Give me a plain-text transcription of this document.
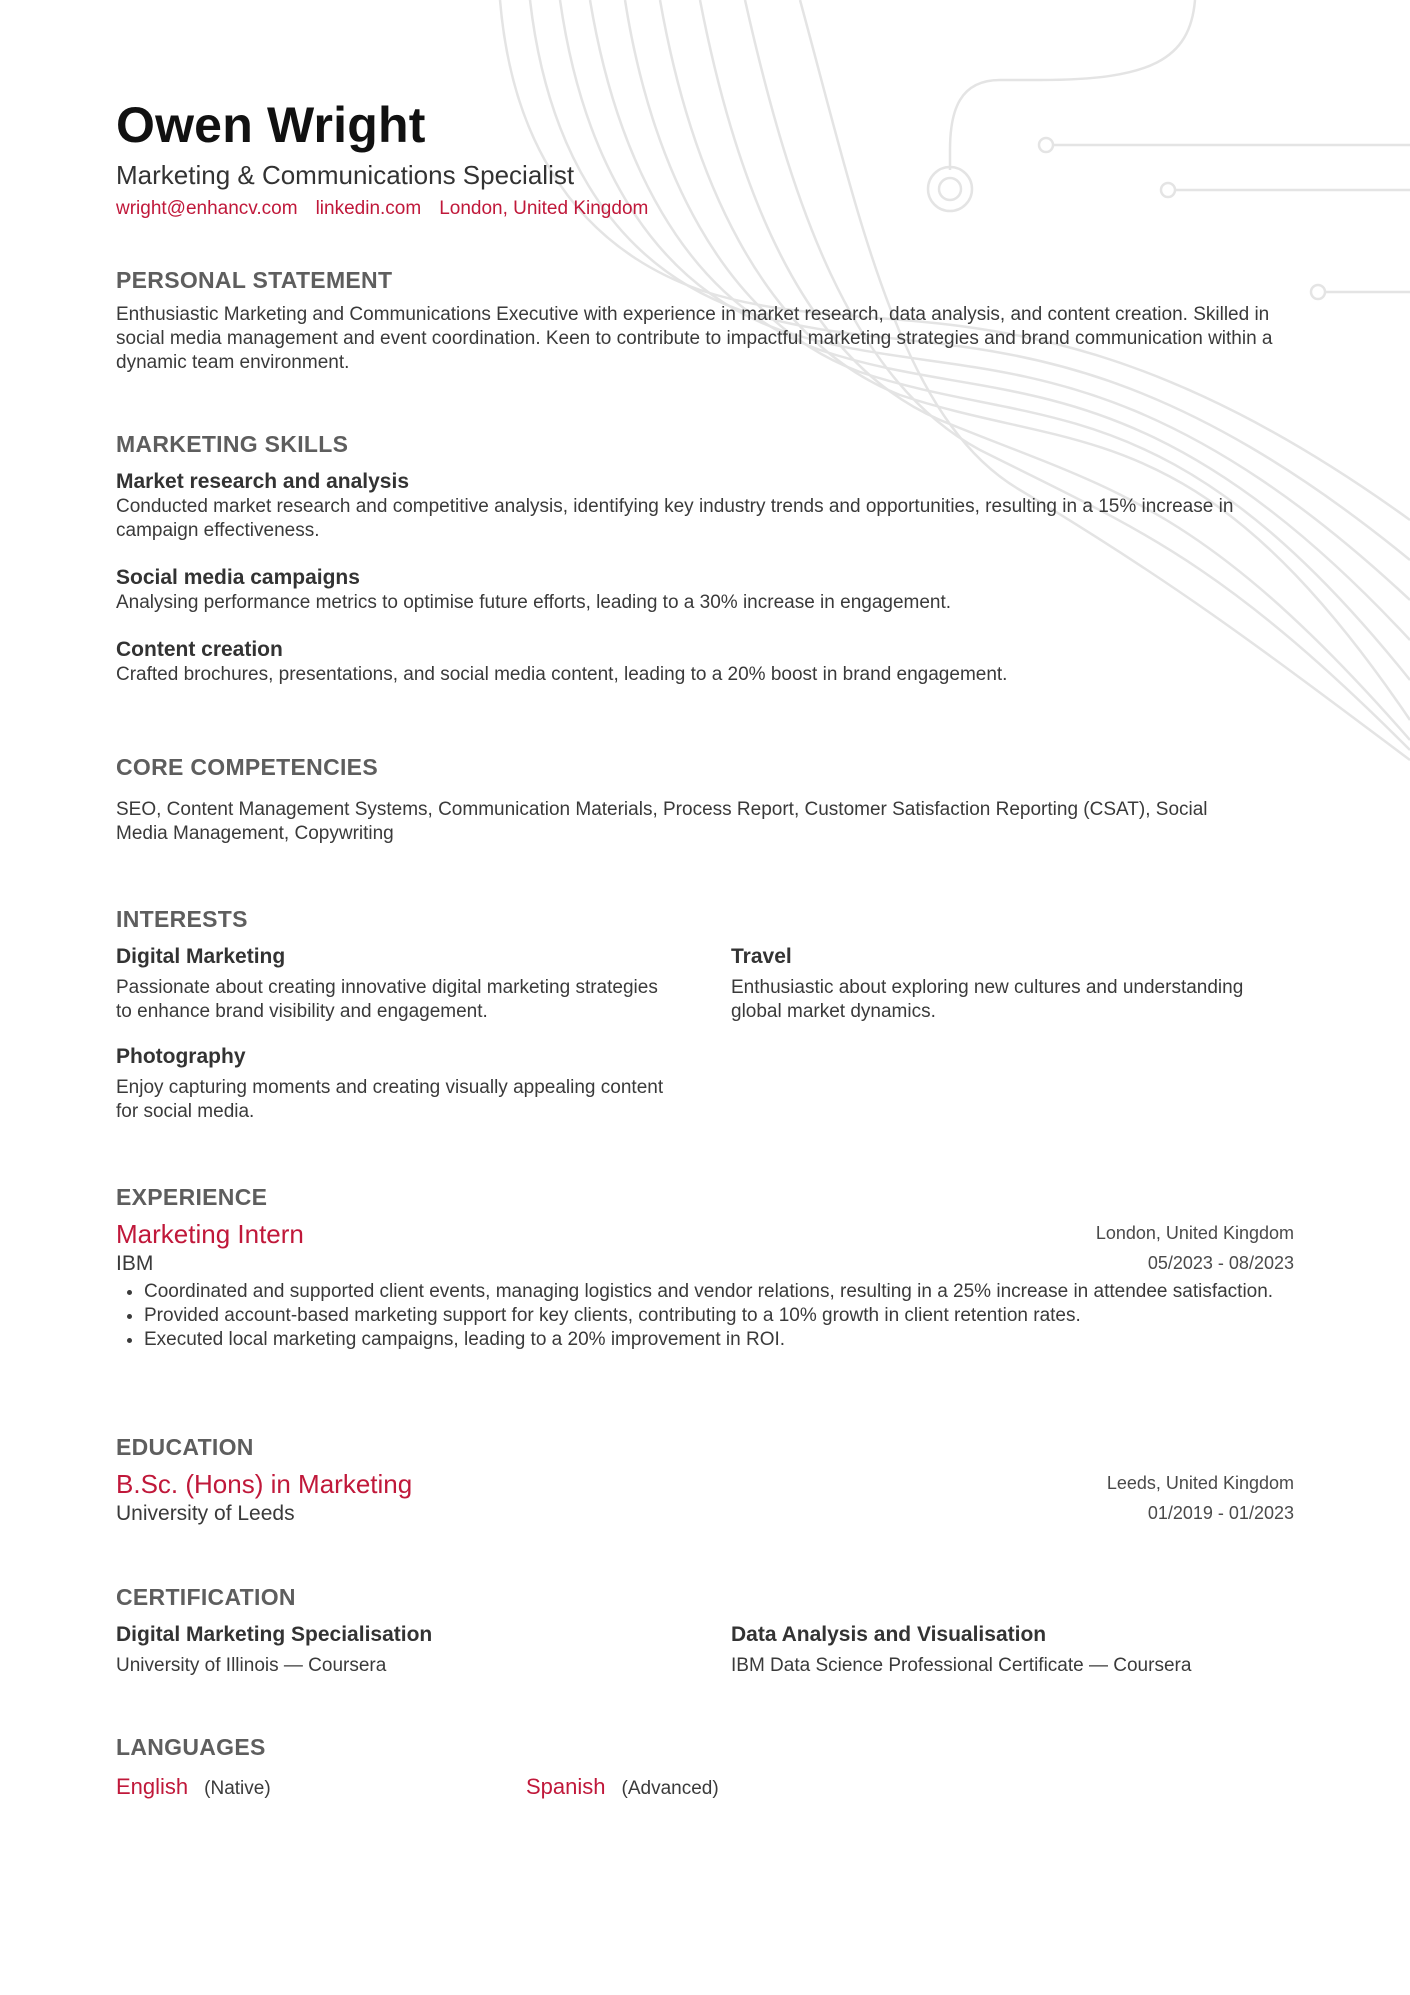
Owen Wright
Marketing & Communications Specialist
wright@enhancv.com linkedin.com London, United Kingdom
PERSONAL STATEMENT
Enthusiastic Marketing and Communications Executive with experience in market research, data analysis, and content creation. Skilled in social media management and event coordination. Keen to contribute to impactful marketing strategies and brand communication within a dynamic team environment.
MARKETING SKILLS
Market research and analysis
Conducted market research and competitive analysis, identifying key industry trends and opportunities, resulting in a 15% increase in campaign effectiveness.
Social media campaigns
Analysing performance metrics to optimise future efforts, leading to a 30% increase in engagement.
Content creation
Crafted brochures, presentations, and social media content, leading to a 20% boost in brand engagement.
CORE COMPETENCIES
SEO, Content Management Systems, Communication Materials, Process Report, Customer Satisfaction Reporting (CSAT), Social Media Management, Copywriting
INTERESTS
Digital Marketing
Passionate about creating innovative digital marketing strategies to enhance brand visibility and engagement.
Travel
Enthusiastic about exploring new cultures and understanding global market dynamics.
Photography
Enjoy capturing moments and creating visually appealing content for social media.
EXPERIENCE
Marketing Intern
IBM
London, United Kingdom
05/2023 - 08/2023
• Coordinated and supported client events, managing logistics and vendor relations, resulting in a 25% increase in attendee satisfaction.
• Provided account-based marketing support for key clients, contributing to a 10% growth in client retention rates.
• Executed local marketing campaigns, leading to a 20% improvement in ROI.
EDUCATION
B.Sc. (Hons) in Marketing
University of Leeds
Leeds, United Kingdom
01/2019 - 01/2023
CERTIFICATION
Digital Marketing Specialisation
University of Illinois — Coursera
Data Analysis and Visualisation
IBM Data Science Professional Certificate — Coursera
LANGUAGES
English (Native)	Spanish (Advanced)
